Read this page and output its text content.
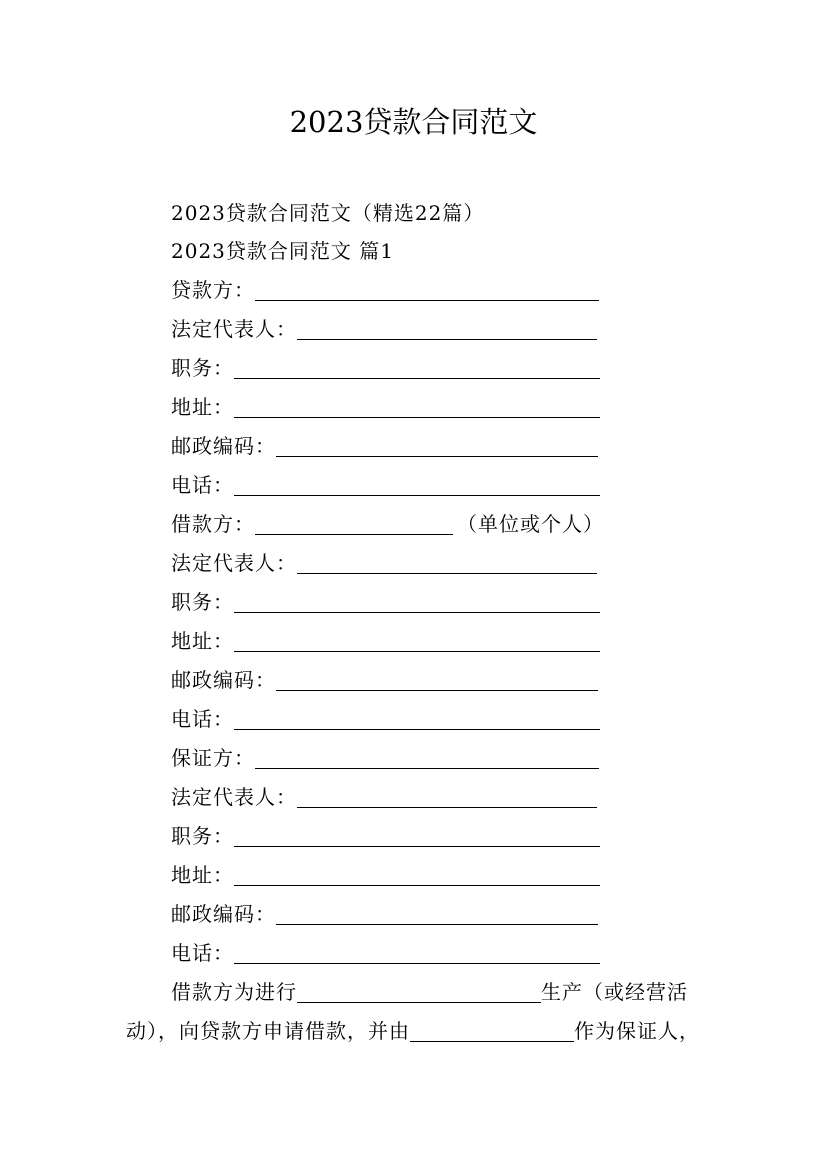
2023贷款合同范文
2023贷款合同范文（精选22篇）
2023贷款合同范文 篇1
贷款方：
法定代表人：
职务：
地址：
邮政编码：
电话：
借款方：	（单位或个人）
法定代表人：
职务：
地址：
邮政编码：
电话：
保证方：
法定代表人：
职务：
地址：
邮政编码：
电话：
借款方为进行	生产（或经营活
动），向贷款方申请借款，并由	作为保证人，
